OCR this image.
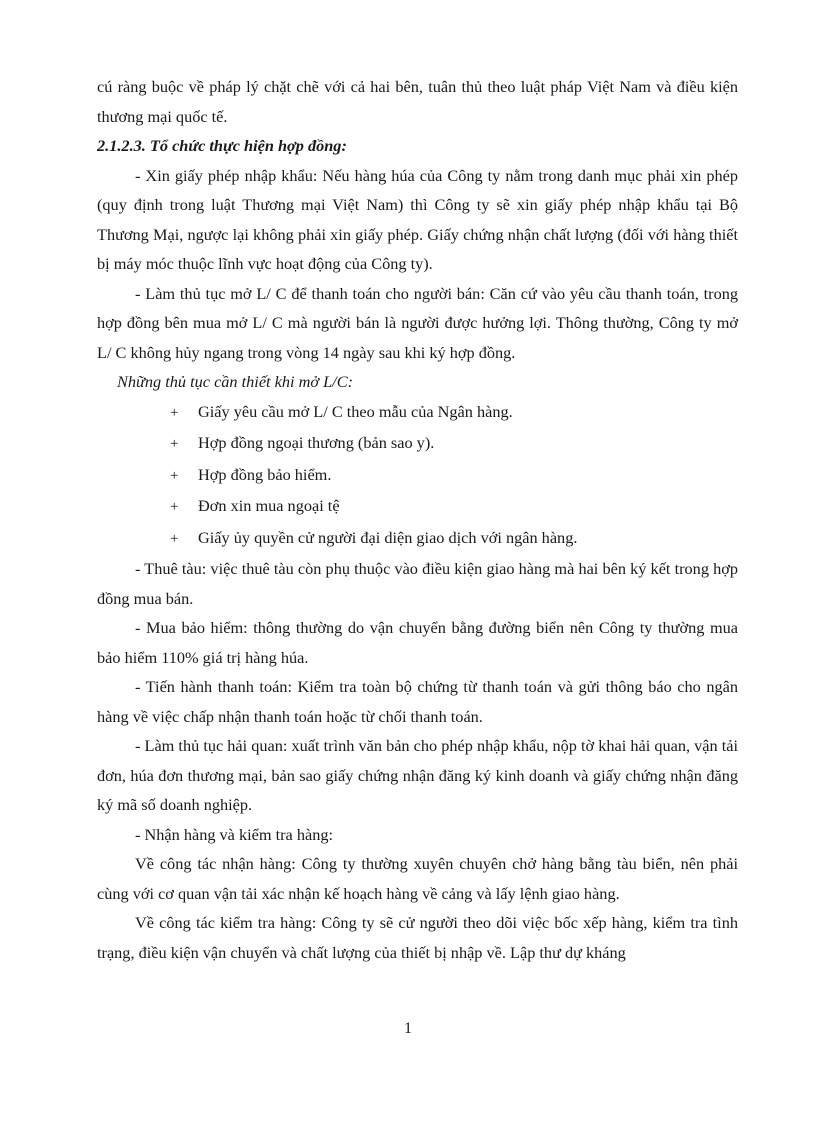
cú ràng buộc về pháp lý chặt chẽ với cả hai bên, tuân thủ theo luật pháp Việt Nam và điều kiện thương mại quốc tế.

2.1.2.3. Tổ chức thực hiện hợp đồng:

- Xin giấy phép nhập khẩu: Nếu hàng húa của Công ty nằm trong danh mục phải xin phép (quy định trong luật Thương mại Việt Nam) thì Công ty sẽ xin giấy phép nhập khẩu tại Bộ Thương Mại, ngược lại không phải xin giấy phép. Giấy chứng nhận chất lượng (đối với hàng thiết bị máy móc thuộc lĩnh vực hoạt động của Công ty).

- Làm thủ tục mở L/ C để thanh toán cho người bán: Căn cứ vào yêu cầu thanh toán, trong hợp đồng bên mua mở L/ C mà người bán là người được hưởng lợi. Thông thường, Công ty mở L/ C không hủy ngang trong vòng 14 ngày sau khi ký hợp đồng.

Những thủ tục cần thiết khi mở L/C:

+	Giấy yêu cầu mở L/ C theo mẫu của Ngân hàng.
+	Hợp đồng ngoại thương (bản sao y).
+	Hợp đồng bảo hiểm.
+	Đơn xin mua ngoại tệ
+	Giấy ủy quyền cử người đại diện giao dịch với ngân hàng.

- Thuê tàu: việc thuê tàu còn phụ thuộc vào điều kiện giao hàng mà hai bên ký kết trong hợp đồng mua bán.

- Mua bảo hiểm: thông thường do vận chuyển bằng đường biển nên Công ty thường mua bảo hiểm 110% giá trị hàng húa.

- Tiến hành thanh toán: Kiểm tra toàn bộ chứng từ thanh toán và gửi thông báo cho ngân hàng về việc chấp nhận thanh toán hoặc từ chối thanh toán.

- Làm thủ tục hải quan: xuất trình văn bản cho phép nhập khẩu, nộp tờ khai hải quan, vận tải đơn, húa đơn thương mại, bản sao giấy chứng nhận đăng ký kinh doanh và giấy chứng nhận đăng ký mã số doanh nghiệp.

- Nhận hàng và kiểm tra hàng:

Về công tác nhận hàng: Công ty thường xuyên chuyên chở hàng bằng tàu biển, nên phải cùng với cơ quan vận tải xác nhận kế hoạch hàng về cảng và lấy lệnh giao hàng.

Về công tác kiểm tra hàng: Công ty sẽ cử người theo dõi việc bốc xếp hàng, kiểm tra tình trạng, điều kiện vận chuyển và chất lượng của thiết bị nhập về. Lập thư dự kháng

1
